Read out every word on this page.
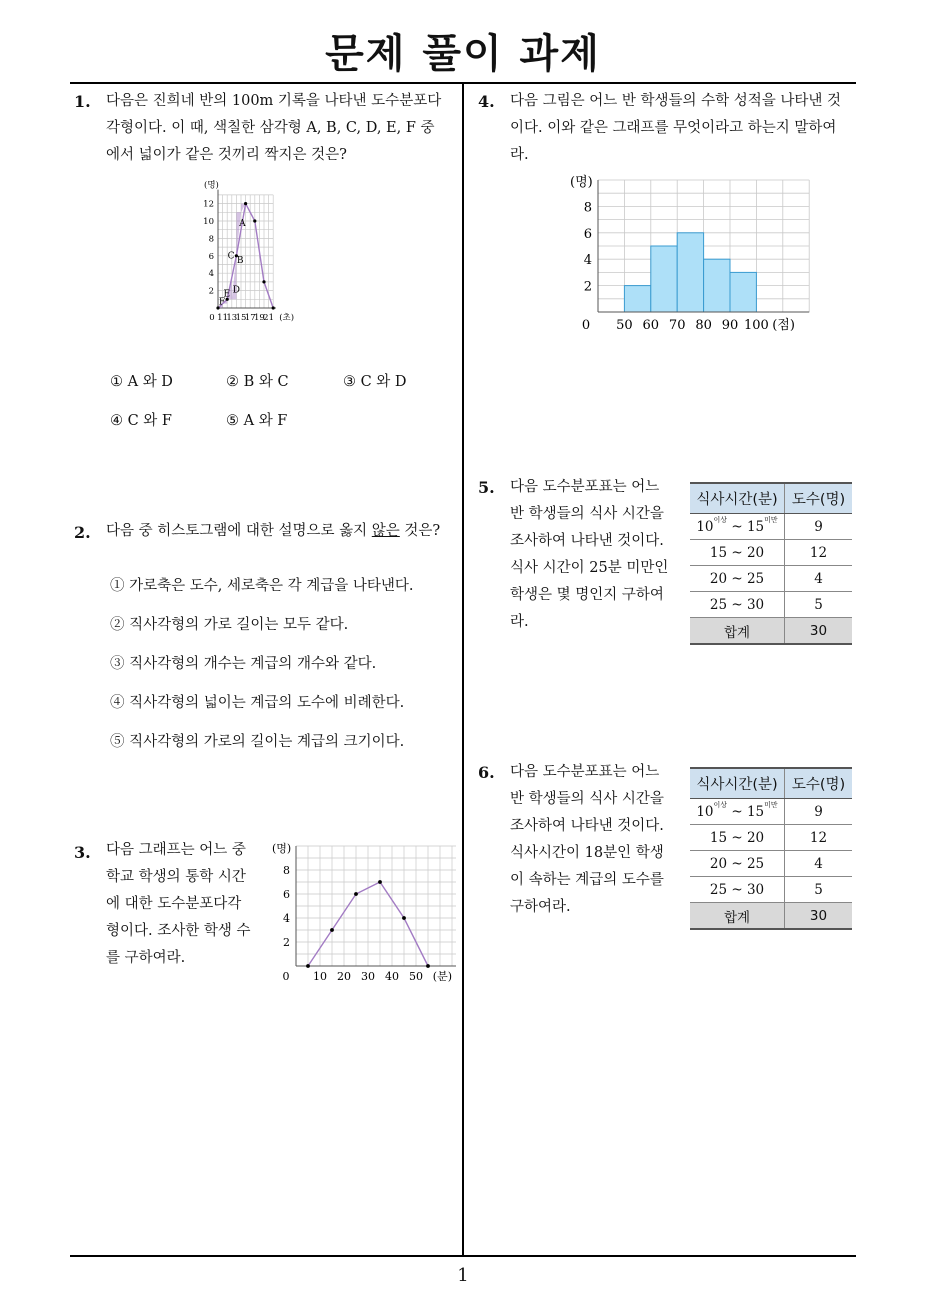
문제 풀이 과제
1
1. 다음은 진희네 반의 100m 기록을 나타낸 도수분포다
각형이다. 이 때, 색칠한 삼각형 A, B, C, D, E, F 중
에서 넓이가 같은 것끼리 짝지은 것은?
A
B
C
D
E
F
0 11
13
15
17
19
21 (초)
2
4
6
8
10
12
(명)
① A 와 D	② B 와 C	③ C 와 D
④ C 와 F	⑤ A 와 F
2. 다음 중 히스토그램에 대한 설명으로 옳지 않은 것은?
① 가로축은 도수, 세로축은 각 계급을 나타낸다.
② 직사각형의 가로 길이는 모두 같다.
③ 직사각형의 개수는 계급의 개수와 같다.
④ 직사각형의 넓이는 계급의 도수에 비례한다.
⑤ 직사각형의 가로의 길이는 계급의 크기이다.
3. 다음 그래프는 어느 중
학교 학생의 통학 시간
에 대한 도수분포다각
형이다. 조사한 학생 수
를 구하여라.
0 10 20 30 40 50 (분)
2
4
6
8
(명)
4. 다음 그림은 어느 반 학생들의 수학 성적을 나타낸 것
이다. 이와 같은 그래프를 무엇이라고 하는지 말하여
라.
0 50 60 70 80 90 100 (점)
2
4
6
8
(명)
5. 다음 도수분포표는 어느
반 학생들의 식사 시간을
조사하여 나타낸 것이다.
식사 시간이 25분 미만인
학생은 몇 명인지 구하여
라.
식사시간(분)	도수(명)
$10^{이상}$ ~ $15^{미만}$	9
15 ~ 20	12
20 ~ 25	4
25 ~ 30	5
합계	30
6. 다음 도수분포표는 어느
반 학생들의 식사 시간을
조사하여 나타낸 것이다.
식사시간이 18분인 학생
이 속하는 계급의 도수를
구하여라.
식사시간(분)	도수(명)
$10^{이상}$ ~ $15^{미만}$	9
15 ~ 20	12
20 ~ 25	4
25 ~ 30	5
합계	30
